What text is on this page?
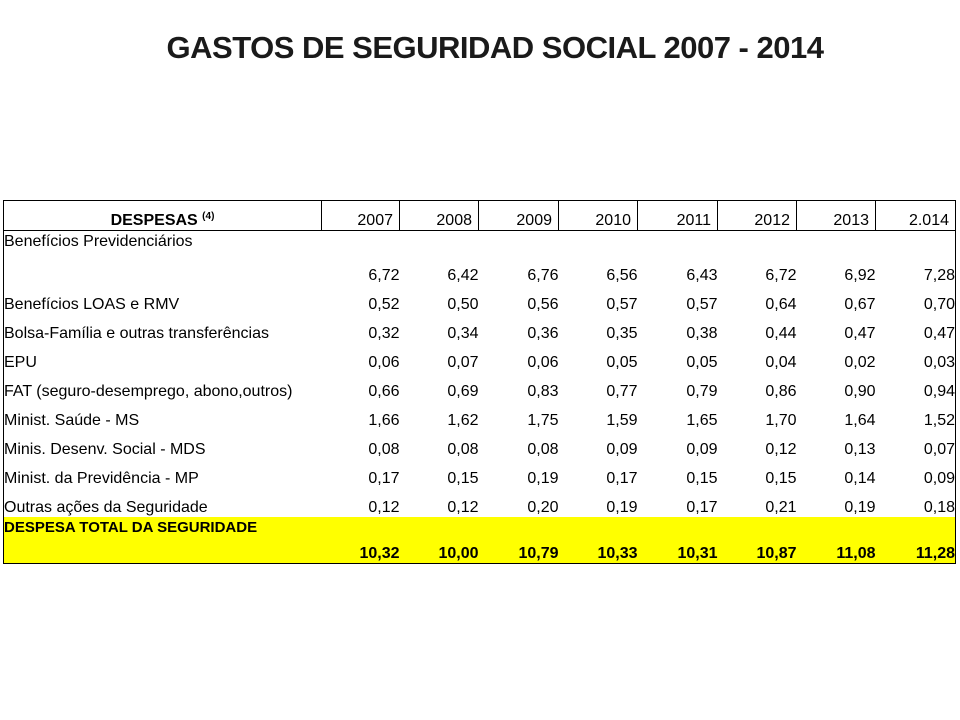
GASTOS DE SEGURIDAD SOCIAL 2007 - 2014
DESPESAS $^{(4)}$	2007	2008	2009	2010	2011	2012	2013	2.014
Benefícios Previdenciários	6,72	6,42	6,76	6,56	6,43	6,72	6,92	7,28
Benefícios LOAS e RMV	0,52	0,50	0,56	0,57	0,57	0,64	0,67	0,70
Bolsa-Família e outras transferências	0,32	0,34	0,36	0,35	0,38	0,44	0,47	0,47
EPU	0,06	0,07	0,06	0,05	0,05	0,04	0,02	0,03
FAT (seguro-desemprego, abono,outros)	0,66	0,69	0,83	0,77	0,79	0,86	0,90	0,94
Minist. Saúde - MS	1,66	1,62	1,75	1,59	1,65	1,70	1,64	1,52
Minis. Desenv. Social - MDS	0,08	0,08	0,08	0,09	0,09	0,12	0,13	0,07
Minist. da Previdência - MP	0,17	0,15	0,19	0,17	0,15	0,15	0,14	0,09
Outras ações da Seguridade	0,12	0,12	0,20	0,19	0,17	0,21	0,19	0,18
DESPESA TOTAL DA SEGURIDADE	10,32	10,00	10,79	10,33	10,31	10,87	11,08	11,28
